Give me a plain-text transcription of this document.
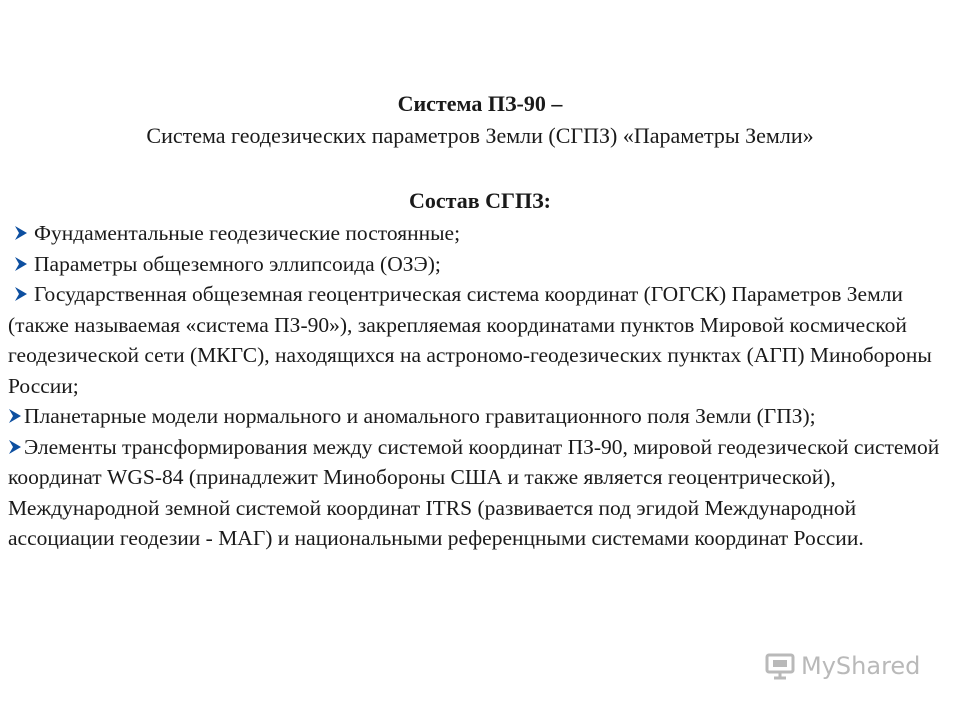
Система ПЗ-90 –
Система геодезических параметров Земли (СГПЗ) «Параметры Земли»
Состав СГПЗ:

Фундаментальные геодезические постоянные;

Параметры общеземного эллипсоида (ОЗЭ);

Государственная общеземная геоцентрическая система координат (ГОГСК) Параметров Земли (также называемая «система ПЗ-90»), закрепляемая координатами пунктов Мировой космической геодезической сети (МКГС), находящихся на астрономо-геодезических пунктах (АГП) Минобороны России;

Планетарные модели нормального и аномального гравитационного поля Земли (ГПЗ);

Элементы трансформирования между системой координат ПЗ-90, мировой геодезической системой координат WGS-84 (принадлежит Минобороны США и также является геоцентрической), Международной земной системой координат ITRS (развивается под эгидой Международной ассоциации геодезии - МАГ) и национальными референцными системами координат России.

MyShared
